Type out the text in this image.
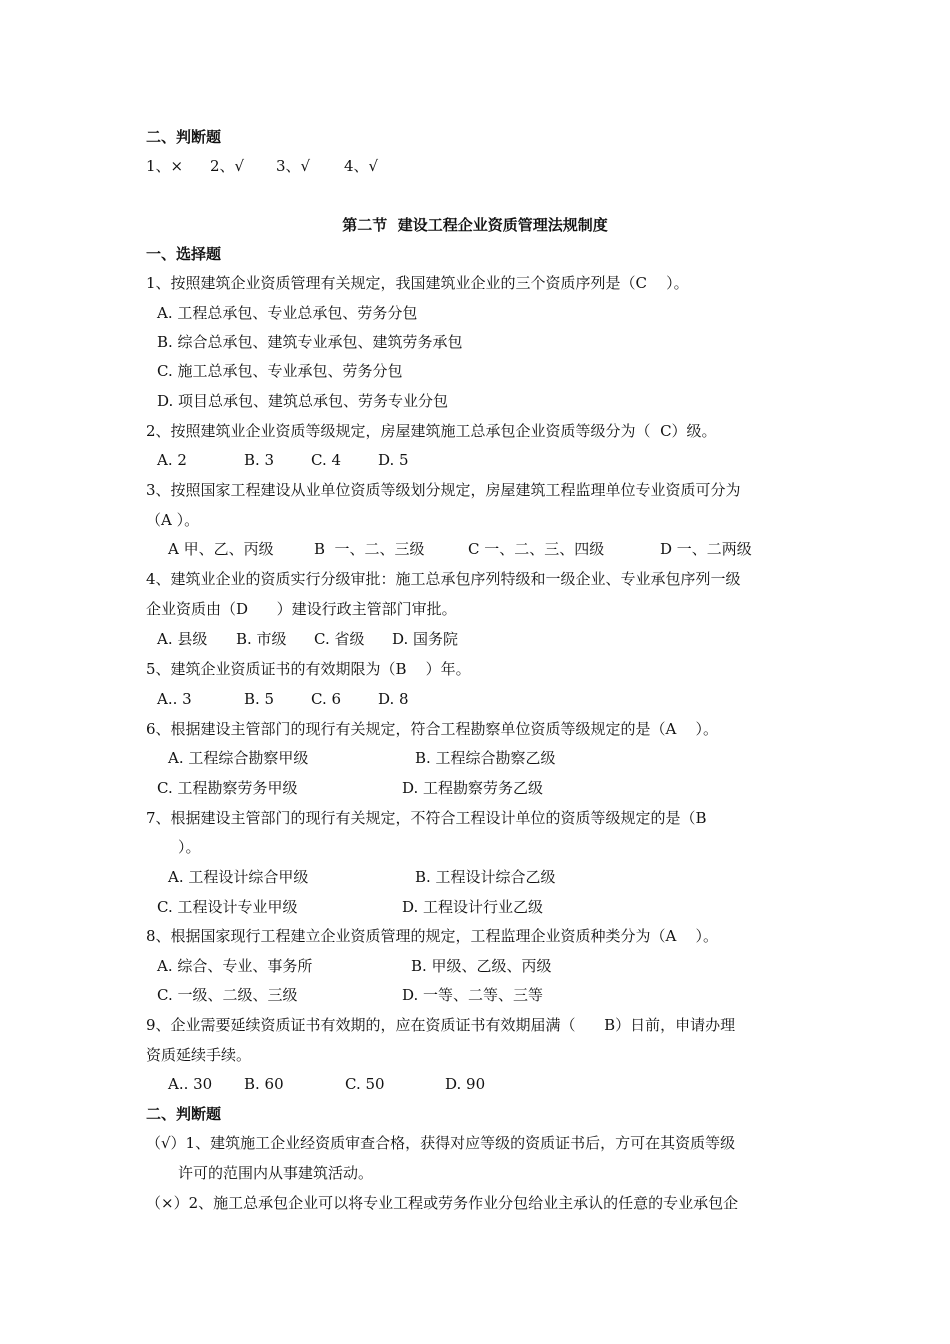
二、判断题

1、×

2、√

3、√

4、√

第二节  建设工程企业资质管理法规制度
一、选择题
1、按照建筑企业资质管理有关规定，我国建筑业企业的三个资质序列是（C    ）。
A. 工程总承包、专业总承包、劳务分包
B. 综合总承包、建筑专业承包、建筑劳务承包
C. 施工总承包、专业承包、劳务分包
D. 项目总承包、建筑总承包、劳务专业分包
2、按照建筑业企业资质等级规定，房屋建筑施工总承包企业资质等级分为（  C）级。

A. 2

	B. 3

C. 4

D. 5

3、按照国家工程建设从业单位资质等级划分规定，房屋建筑工程监理单位专业资质可分为
（A ）。

A 甲、乙、丙级

	B  一、二、三级

	C 一、二、三、四级

	D 一、二两级

4、建筑业企业的资质实行分级审批：施工总承包序列特级和一级企业、专业承包序列一级
企业资质由（D      ）建设行政主管部门审批。

A. 县级

B. 市级

C. 省级

D. 国务院

5、建筑企业资质证书的有效期限为（B    ）年。

A.. 3

	B. 5

C. 6

D. 8

6、根据建设主管部门的现行有关规定，符合工程勘察单位资质等级规定的是（A    ）。
A. 工程综合勘察甲级	B. 工程综合勘察乙级
C. 工程勘察劳务甲级	D. 工程勘察劳务乙级
7、根据建设主管部门的现行有关规定，不符合工程设计单位的资质等级规定的是（B
）。
A. 工程设计综合甲级	B. 工程设计综合乙级
C. 工程设计专业甲级	D. 工程设计行业乙级
8、根据国家现行工程建立企业资质管理的规定，工程监理企业资质种类分为（A    ）。
A. 综合、专业、事务所	B. 甲级、乙级、丙级
C. 一级、二级、三级	D. 一等、二等、三等
9、企业需要延续资质证书有效期的，应在资质证书有效期届满（      B）日前，申请办理
资质延续手续。

A.. 30

B. 60

	C. 50

	D. 90

二、判断题
（√）1、建筑施工企业经资质审查合格，获得对应等级的资质证书后，方可在其资质等级
许可的范围内从事建筑活动。
（×）2、施工总承包企业可以将专业工程或劳务作业分包给业主承认的任意的专业承包企
